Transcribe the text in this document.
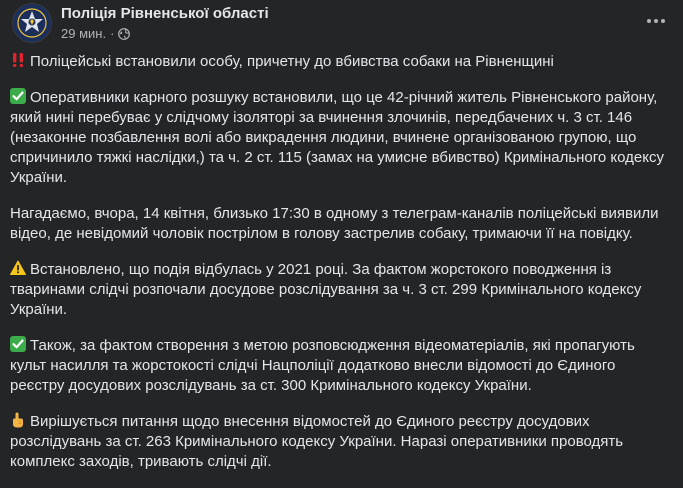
Поліція Рівненської області
29 мин. ·

Поліцейські встановили особу, причетну до вбивства собаки на Рівненщині

Оперативники карного розшуку встановили, що це 42-річний житель Рівненського району, який нині перебуває у слідчому ізоляторі за вчинення злочинів, передбачених ч. 3 ст. 146 (незаконне позбавлення волі або викрадення людини, вчинене організованою групою, що спричинило тяжкі наслідки,) та ч. 2 ст. 115 (замах на умисне вбивство) Кримінального кодексу України.

Нагадаємо, вчора, 14 квітня, близько 17:30 в одному з телеграм-каналів поліцейські виявили відео, де невідомий чоловік пострілом в голову застрелив собаку, тримаючи її на повідку.

Встановлено, що подія відбулась у 2021 році. За фактом жорстокого поводження із тваринами слідчі розпочали досудове розслідування за ч. 3 ст. 299 Кримінального кодексу України.

Також, за фактом створення з метою розповсюдження відеоматеріалів, які пропагують культ насилля та жорстокості слідчі Нацполіції додатково внесли відомості до Єдиного реєстру досудових розслідувань за ст. 300 Кримінального кодексу України.

Вирішується питання щодо внесення відомостей до Єдиного реєстру досудових розслідувань за ст. 263 Кримінального кодексу України. Наразі оперативники проводять комплекс заходів, тривають слідчі дії.
